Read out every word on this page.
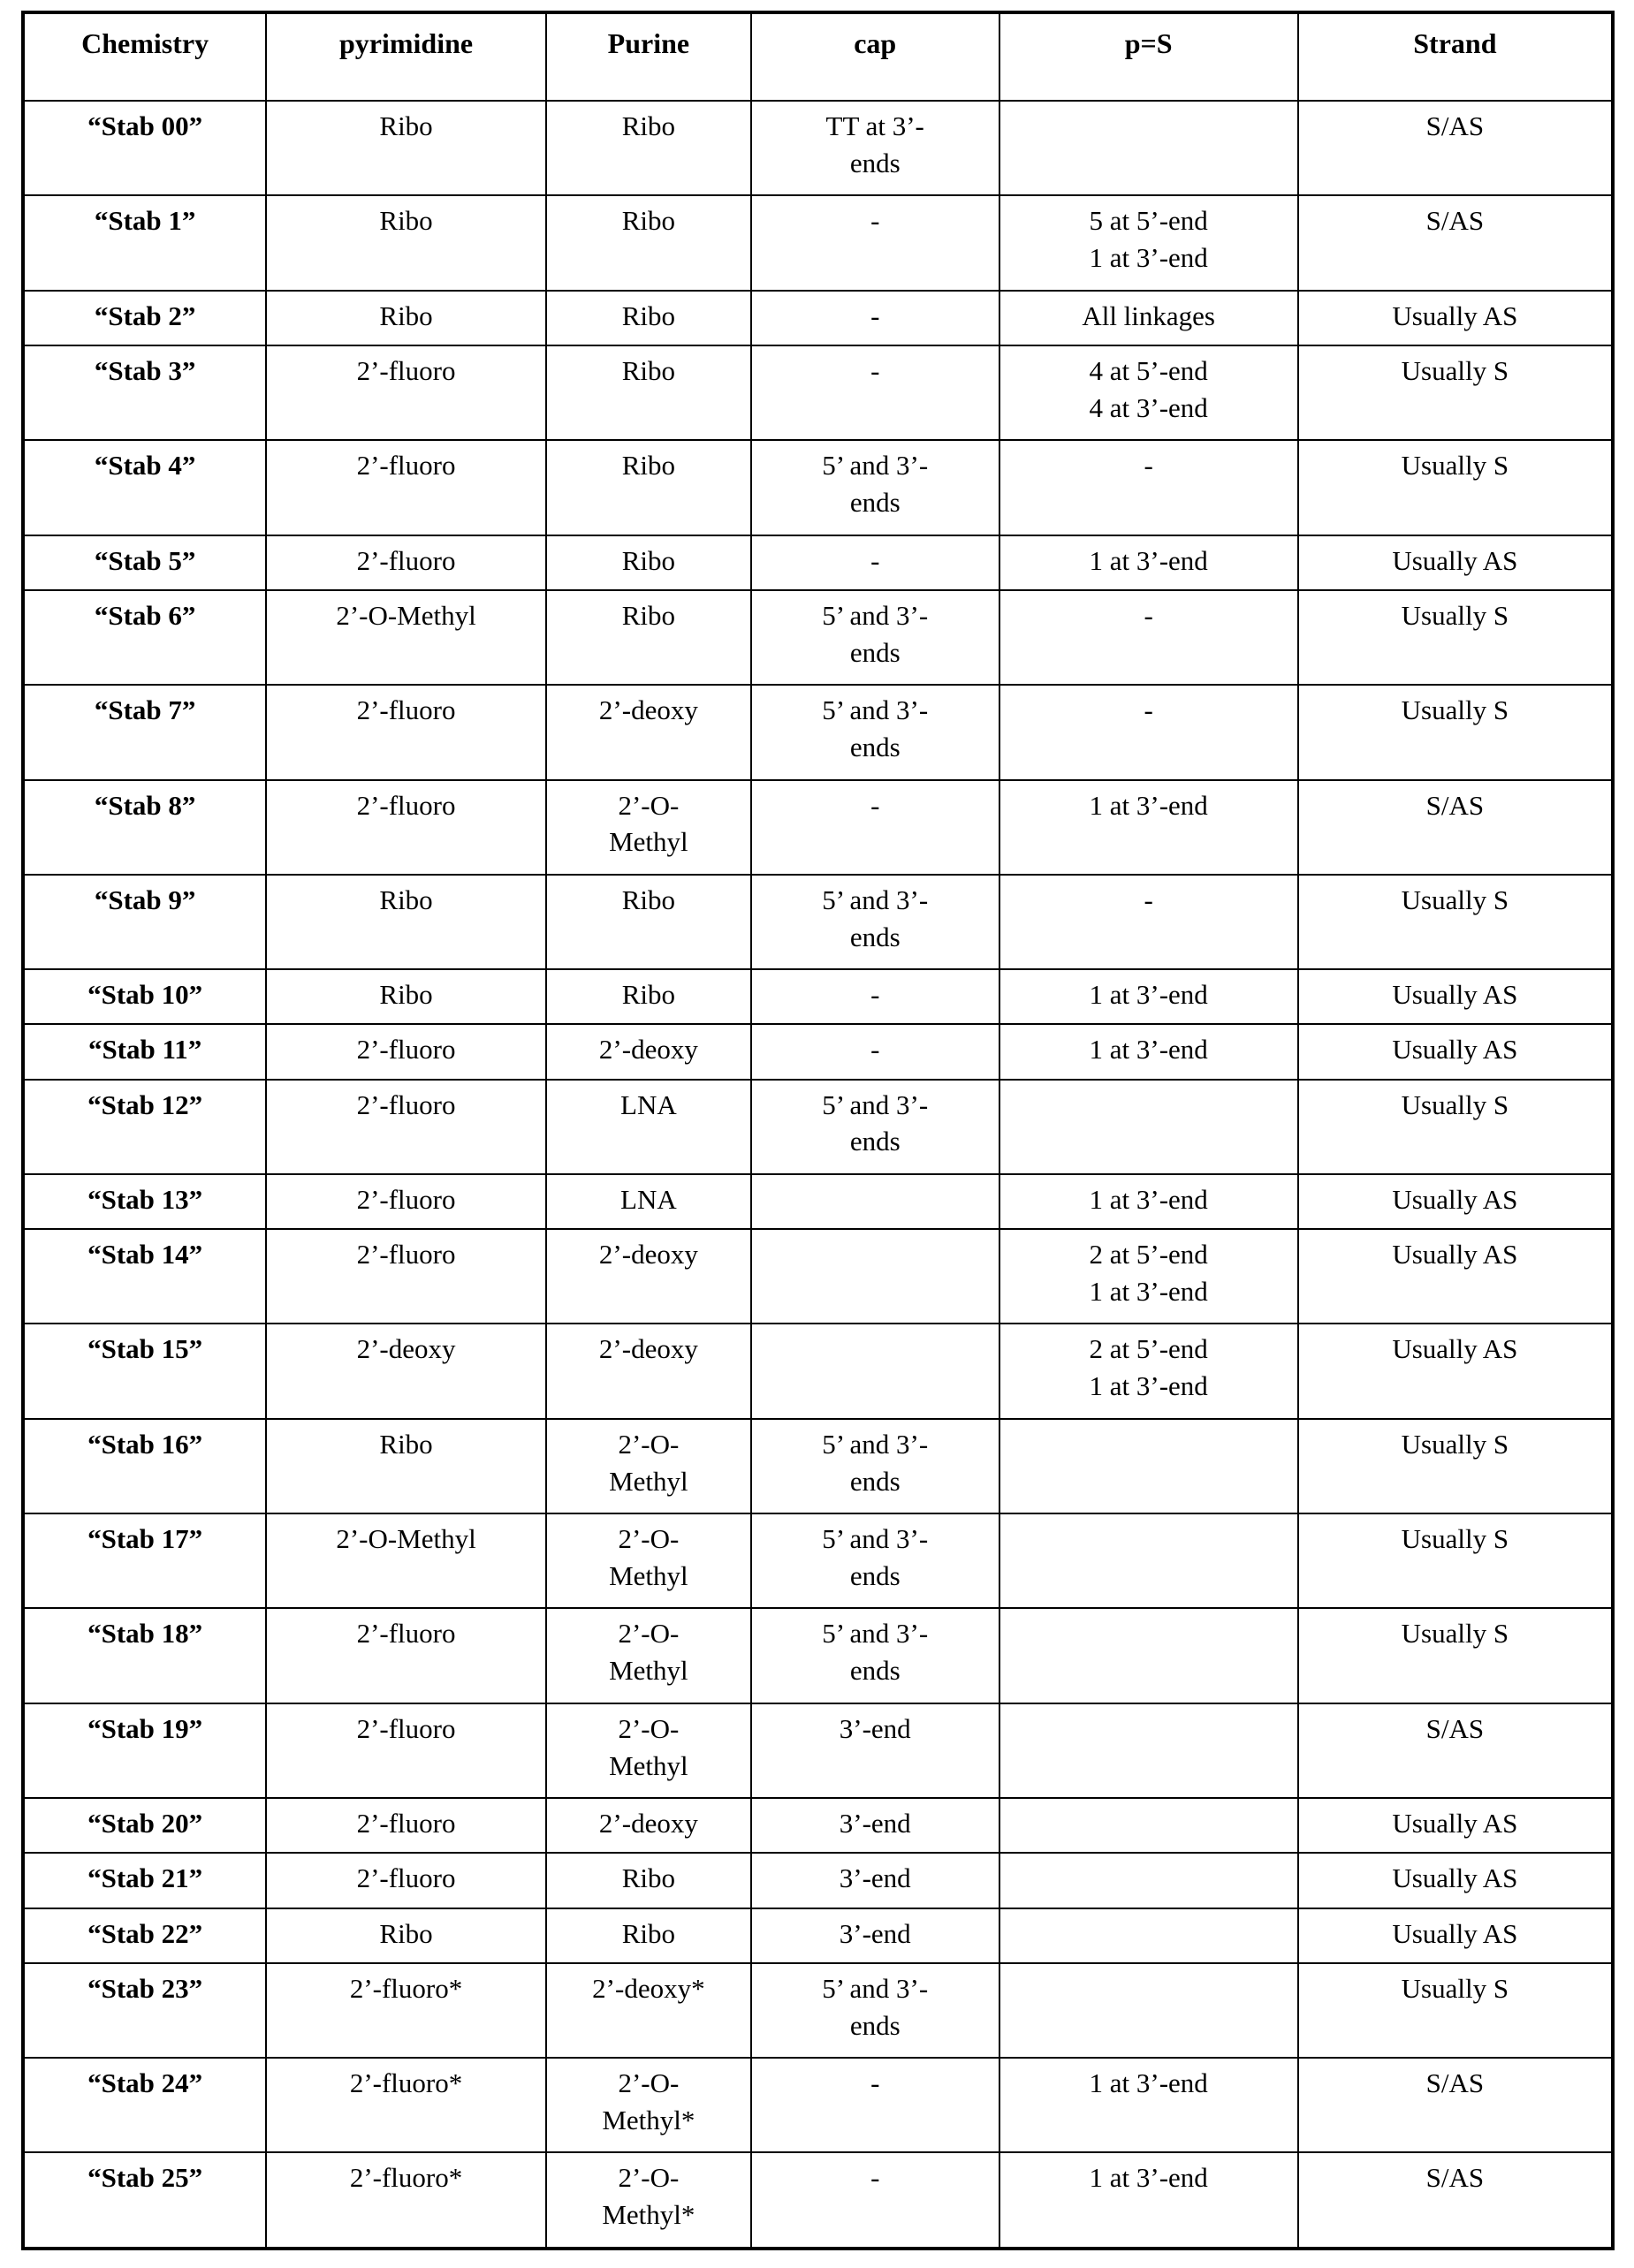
Chemistry	pyrimidine	Purine	cap	p=S	Strand
“Stab 00”	Ribo	Ribo	TT at 3’-
ends		S/AS
“Stab 1”	Ribo	Ribo	-	5 at 5’-end
1 at 3’-end	S/AS
“Stab 2”	Ribo	Ribo	-	All linkages	Usually AS
“Stab 3”	2’-fluoro	Ribo	-	4 at 5’-end
4 at 3’-end	Usually S
“Stab 4”	2’-fluoro	Ribo	5’ and 3’-
ends	-	Usually S
“Stab 5”	2’-fluoro	Ribo	-	1 at 3’-end	Usually AS
“Stab 6”	2’-O-Methyl	Ribo	5’ and 3’-
ends	-	Usually S
“Stab 7”	2’-fluoro	2’-deoxy	5’ and 3’-
ends	-	Usually S
“Stab 8”	2’-fluoro	2’-O-
Methyl	-	1 at 3’-end	S/AS
“Stab 9”	Ribo	Ribo	5’ and 3’-
ends	-	Usually S
“Stab 10”	Ribo	Ribo	-	1 at 3’-end	Usually AS
“Stab 11”	2’-fluoro	2’-deoxy	-	1 at 3’-end	Usually AS
“Stab 12”	2’-fluoro	LNA	5’ and 3’-
ends		Usually S
“Stab 13”	2’-fluoro	LNA		1 at 3’-end	Usually AS
“Stab 14”	2’-fluoro	2’-deoxy		2 at 5’-end
1 at 3’-end	Usually AS
“Stab 15”	2’-deoxy	2’-deoxy		2 at 5’-end
1 at 3’-end	Usually AS
“Stab 16”	Ribo	2’-O-
Methyl	5’ and 3’-
ends		Usually S
“Stab 17”	2’-O-Methyl	2’-O-
Methyl	5’ and 3’-
ends		Usually S
“Stab 18”	2’-fluoro	2’-O-
Methyl	5’ and 3’-
ends		Usually S
“Stab 19”	2’-fluoro	2’-O-
Methyl	3’-end		S/AS
“Stab 20”	2’-fluoro	2’-deoxy	3’-end		Usually AS
“Stab 21”	2’-fluoro	Ribo	3’-end		Usually AS
“Stab 22”	Ribo	Ribo	3’-end		Usually AS
“Stab 23”	2’-fluoro*	2’-deoxy*	5’ and 3’-
ends		Usually S
“Stab 24”	2’-fluoro*	2’-O-
Methyl*	-	1 at 3’-end	S/AS
“Stab 25”	2’-fluoro*	2’-O-
Methyl*	-	1 at 3’-end	S/AS
